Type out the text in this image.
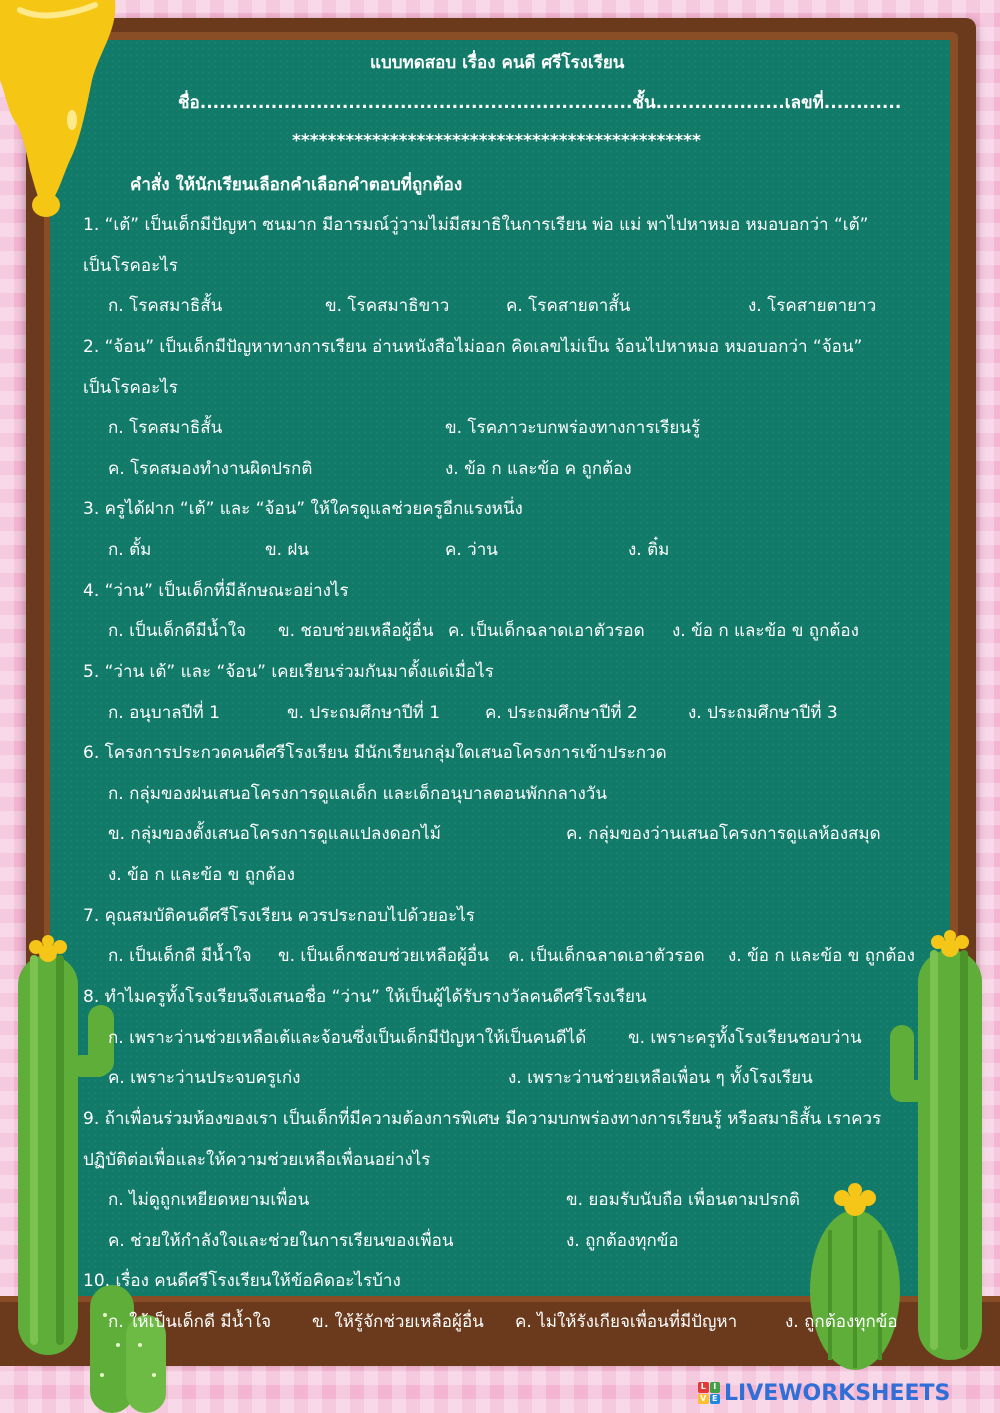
แบบทดสอบ เรื่อง คนดี ศรีโรงเรียน
ชื่อ...................................................................ชั้น....................เลขที่............
**********************************************
คำสั่ง ให้นักเรียนเลือกคำเลือกคำตอบที่ถูกต้อง
1. “เต้” เป็นเด็กมีปัญหา ซนมาก มีอารมณ์วู่วามไม่มีสมาธิในการเรียน พ่อ แม่ พาไปหาหมอ หมอบอกว่า “เต้”
เป็นโรคอะไร
ก. โรคสมาธิสั้น	ข. โรคสมาธิขาว	ค. โรคสายตาสั้น	ง. โรคสายตายาว
2. “จ้อน” เป็นเด็กมีปัญหาทางการเรียน อ่านหนังสือไม่ออก คิดเลขไม่เป็น จ้อนไปหาหมอ หมอบอกว่า “จ้อน”
เป็นโรคอะไร
ก. โรคสมาธิสั้น	ข. โรคภาวะบกพร่องทางการเรียนรู้
ค. โรคสมองทำงานผิดปรกติ	ง. ข้อ ก และข้อ ค ถูกต้อง
3. ครูได้ฝาก “เต้” และ “จ้อน” ให้ใครดูแลช่วยครูอีกแรงหนึ่ง
ก. ตั้ม	ข. ฝน	ค. ว่าน	ง. ติ๋ม
4. “ว่าน” เป็นเด็กที่มีลักษณะอย่างไร
ก. เป็นเด็กดีมีน้ำใจ ข. ชอบช่วยเหลือผู้อื่น ค. เป็นเด็กฉลาดเอาตัวรอด ง. ข้อ ก และข้อ ข ถูกต้อง
5. “ว่าน เต้” และ “จ้อน” เคยเรียนร่วมกันมาตั้งแต่เมื่อไร
ก. อนุบาลปีที่ 1	ข. ประถมศึกษาปีที่ 1	ค. ประถมศึกษาปีที่ 2	ง. ประถมศึกษาปีที่ 3
6. โครงการประกวดคนดีศรีโรงเรียน มีนักเรียนกลุ่มใดเสนอโครงการเข้าประกวด
ก. กลุ่มของฝนเสนอโครงการดูแลเด็ก และเด็กอนุบาลตอนพักกลางวัน
ข. กลุ่มของตั้งเสนอโครงการดูแลแปลงดอกไม้	ค. กลุ่มของว่านเสนอโครงการดูแลห้องสมุด
ง. ข้อ ก และข้อ ข ถูกต้อง
7. คุณสมบัติคนดีศรีโรงเรียน ควรประกอบไปด้วยอะไร
ก. เป็นเด็กดี มีน้ำใจ ข. เป็นเด็กชอบช่วยเหลือผู้อื่น ค. เป็นเด็กฉลาดเอาตัวรอด ง. ข้อ ก และข้อ ข ถูกต้อง
8. ทำไมครูทั้งโรงเรียนจึงเสนอชื่อ “ว่าน” ให้เป็นผู้ได้รับรางวัลคนดีศรีโรงเรียน
ก. เพราะว่านช่วยเหลือเต้และจ้อนซึ่งเป็นเด็กมีปัญหาให้เป็นคนดีได้ ข. เพราะครูทั้งโรงเรียนชอบว่าน
ค. เพราะว่านประจบครูเก่ง	ง. เพราะว่านช่วยเหลือเพื่อน ๆ ทั้งโรงเรียน
9. ถ้าเพื่อนร่วมห้องของเรา เป็นเด็กที่มีความต้องการพิเศษ มีความบกพร่องทางการเรียนรู้ หรือสมาธิสั้น เราควร
ปฏิบัติต่อเพื่อและให้ความช่วยเหลือเพื่อนอย่างไร
ก. ไม่ดูถูกเหยียดหยามเพื่อน	ข. ยอมรับนับถือ เพื่อนตามปรกติ
ค. ช่วยให้กำลังใจและช่วยในการเรียนของเพื่อน	ง. ถูกต้องทุกข้อ
10. เรื่อง คนดีศรีโรงเรียนให้ข้อคิดอะไรบ้าง
ก. ให้เป็นเด็กดี มีน้ำใจ ข. ให้รู้จักช่วยเหลือผู้อื่น ค. ไม่ให้รังเกียจเพื่อนที่มีปัญหา	ง. ถูกต้องทุกข้อ
L I
V E LIVEWORKSHEETS
